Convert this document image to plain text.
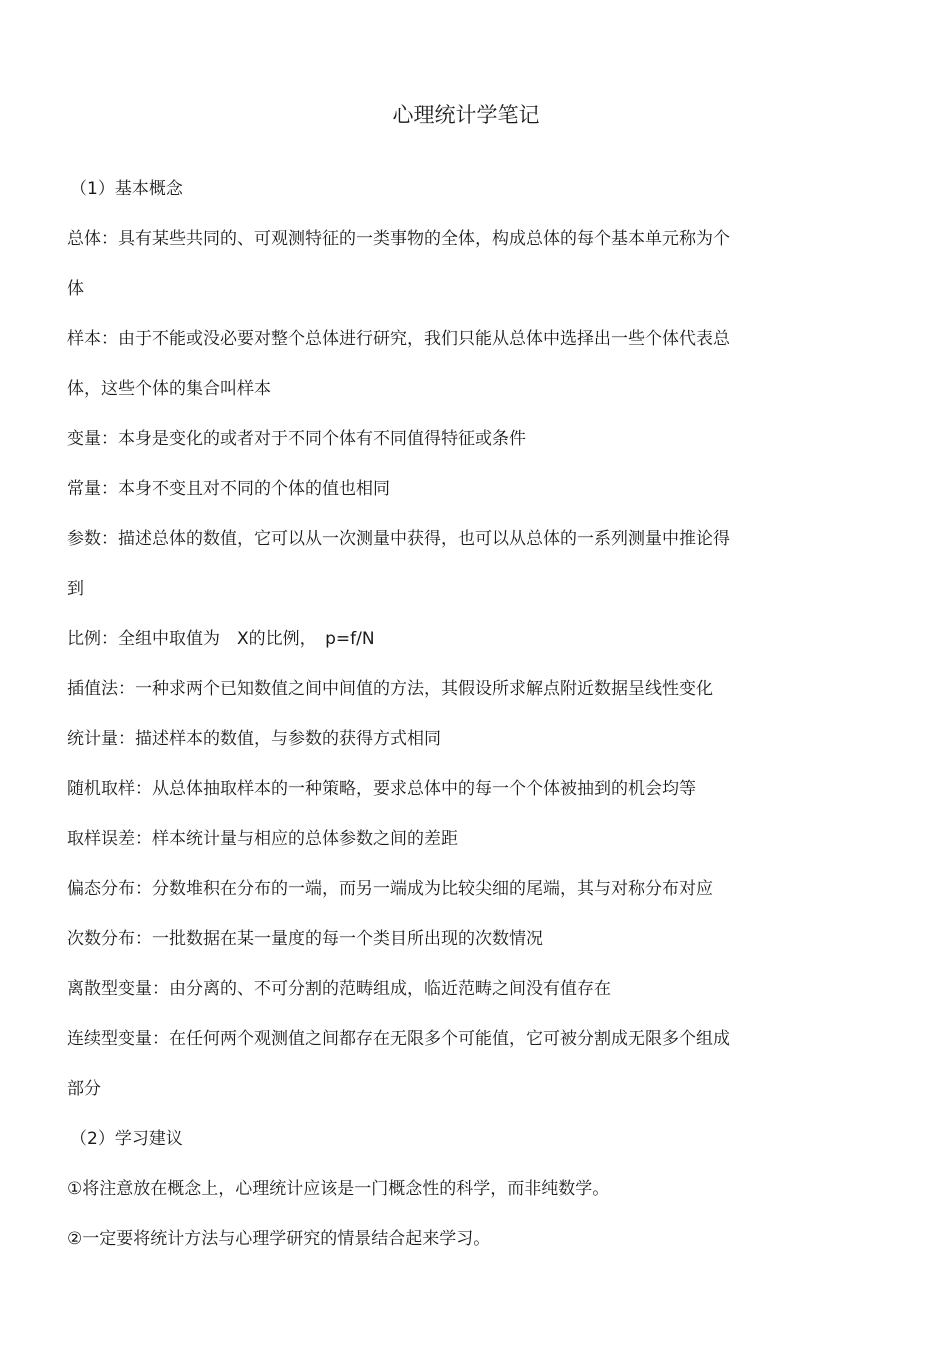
心理统计学笔记
（1）基本概念
总体：具有某些共同的、可观测特征的一类事物的全体，构成总体的每个基本单元称为个
体
样本：由于不能或没必要对整个总体进行研究，我们只能从总体中选择出一些个体代表总
体，这些个体的集合叫样本
变量：本身是变化的或者对于不同个体有不同值得特征或条件
常量：本身不变且对不同的个体的值也相同
参数：描述总体的数值，它可以从一次测量中获得，也可以从总体的一系列测量中推论得
到
比例：全组中取值为　X的比例，　p=f/N
插值法：一种求两个已知数值之间中间值的方法，其假设所求解点附近数据呈线性变化
统计量：描述样本的数值，与参数的获得方式相同
随机取样：从总体抽取样本的一种策略，要求总体中的每一个个体被抽到的机会均等
取样误差：样本统计量与相应的总体参数之间的差距
偏态分布：分数堆积在分布的一端，而另一端成为比较尖细的尾端，其与对称分布对应
次数分布：一批数据在某一量度的每一个类目所出现的次数情况
离散型变量：由分离的、不可分割的范畴组成，临近范畴之间没有值存在
连续型变量：在任何两个观测值之间都存在无限多个可能值，它可被分割成无限多个组成
部分
（2）学习建议
①将注意放在概念上，心理统计应该是一门概念性的科学，而非纯数学。
②一定要将统计方法与心理学研究的情景结合起来学习。
